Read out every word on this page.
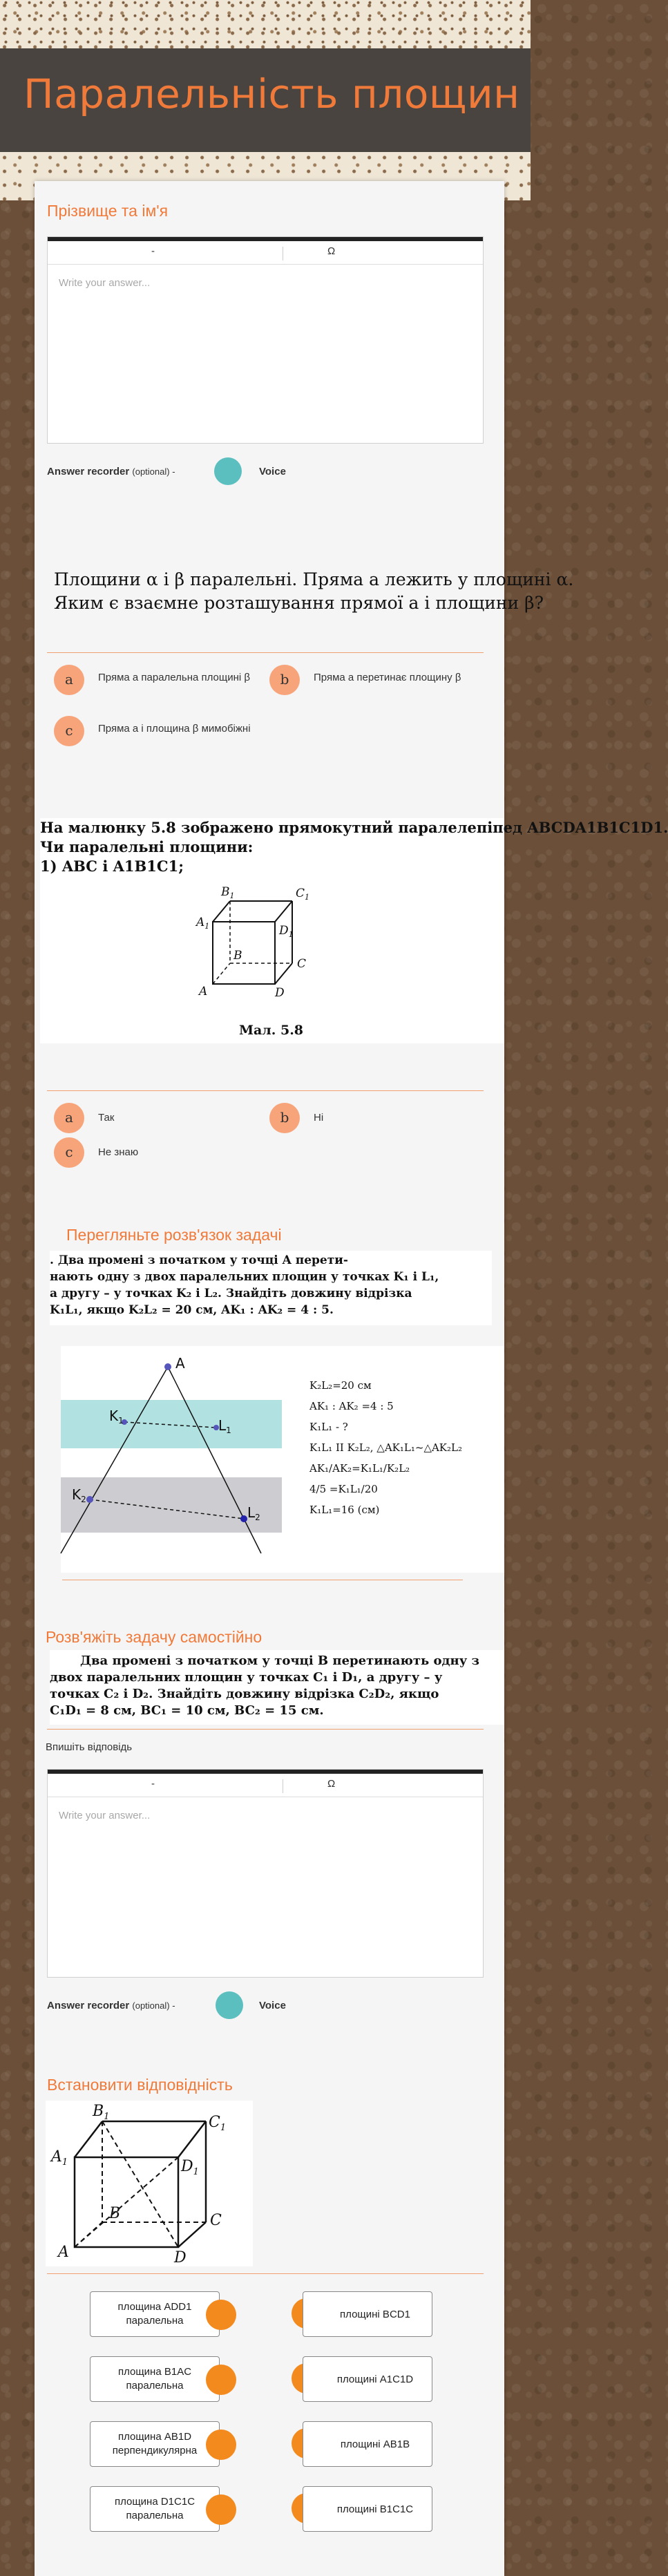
Паралельність площин
Прізвище та ім'я
-	Ω
Write your answer...
Answer recorder (optional) -	Voice
Площини α і β паралельні. Пряма a лежить у площині α.
Яким є взаємне розташування прямої a і площини β?
a	Пряма а паралельна площині β	b	Пряма а перетинає площину β
c	Пряма а і площина β мимобіжні
На малюнку 5.8 зображено прямокутний паралелепіпед ABCDA1B1C1D1.
Чи паралельні площини:
1) ABC і A1B1C1;
$B_1$	$C_1$
$A_1$	$D_1$
B
C
A	D
Мал. 5.8
a	Так	b	Ні
c	Не знаю
Перегляньте розв'язок задачі
. Два промені з початком у точці A перети-
нають одну з двох паралельних площин у точках K₁ і L₁,
а другу – у точках K₂ і L₂. Знайдіть довжину відрізка
K₁L₁, якщо K₂L₂ = 20 см, AK₁ : AK₂ = 4 : 5.
A
$K_1$	$L_1$
$K_2$
$L_2$
K₂L₂=20 см
AK₁ : AK₂ =4 : 5
K₁L₁ - ?
K₁L₁ II K₂L₂, △AK₁L₁~△AK₂L₂
AK₁/AK₂=K₁L₁/K₂L₂
4/5 =K₁L₁/20
K₁L₁=16 (см)
Розв'яжіть задачу самостійно
Два промені з початком у точці B перетинають одну з
двох паралельних площин у точках C₁ і D₁, а другу – у
точках C₂ і D₂. Знайдіть довжину відрізка C₂D₂, якщо
C₁D₁ = 8 см, BC₁ = 10 см, BC₂ = 15 см.
Впишіть відповідь
-	Ω
Write your answer...
Answer recorder (optional) -	Voice
Встановити відповідність
$B_1$	$C_1$
$A_1$	$D_1$
B	C
A	D
площина ADD1 паралельна
площині BCD1
площина B1AC паралельна
площині A1C1D
площина AB1D перпендикулярна
площині AB1B
площина D1C1C паралельна
площині B1C1C
